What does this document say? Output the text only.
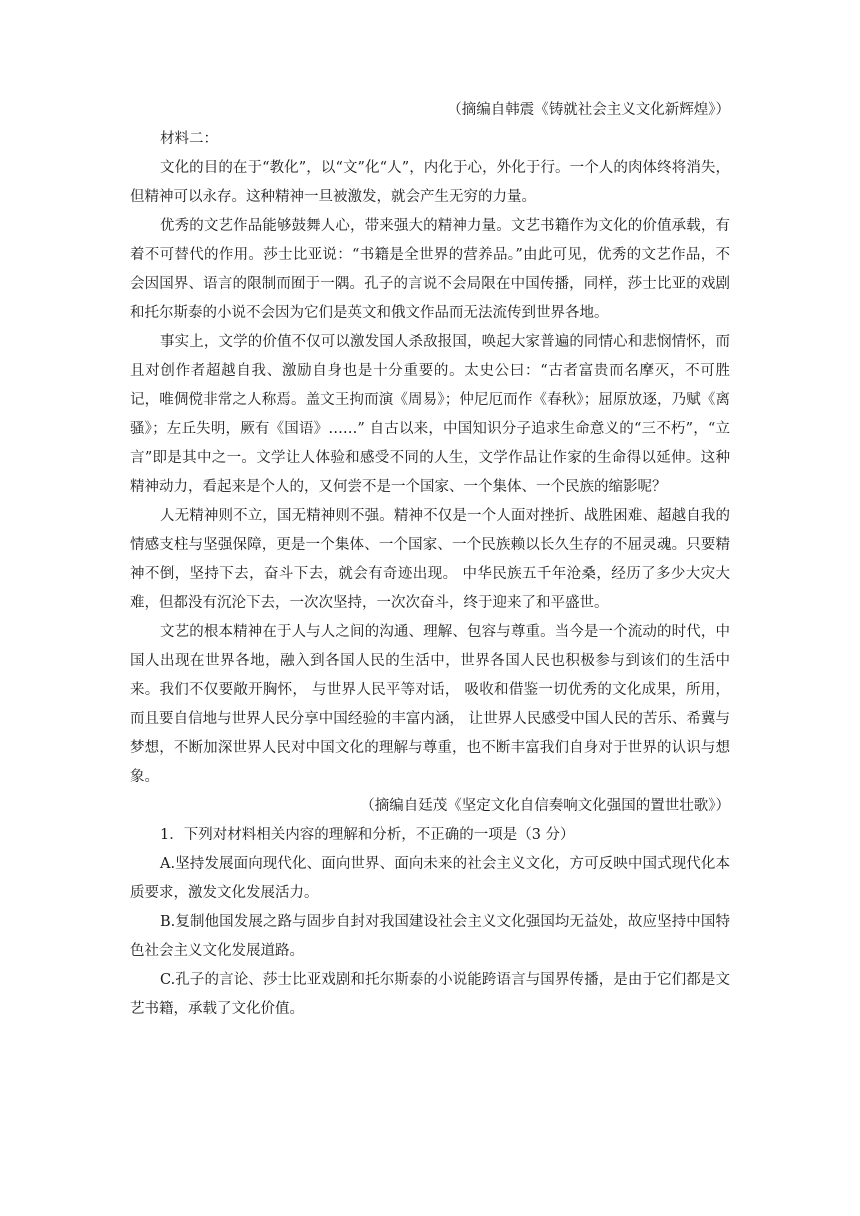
（摘编自韩震《铸就社会主义文化新辉煌》）

材料二：

文化的目的在于“教化”，以“文”化“人”，内化于心，外化于行。一个人的肉体终将消失，但精神可以永存。这种精神一旦被激发，就会产生无穷的力量。

优秀的文艺作品能够鼓舞人心，带来强大的精神力量。文艺书籍作为文化的价值承载，有着不可替代的作用。莎士比亚说：“书籍是全世界的营养品。”由此可见，优秀的文艺作品，不会因国界、语言的限制而囿于一隅。孔子的言说不会局限在中国传播，同样，莎士比亚的戏剧和托尔斯泰的小说不会因为它们是英文和俄文作品而无法流传到世界各地。

事实上，文学的价值不仅可以激发国人杀敌报国，唤起大家普遍的同情心和悲悯情怀，而且对创作者超越自我、激励自身也是十分重要的。太史公曰：“古者富贵而名摩灭，不可胜记，唯倜傥非常之人称焉。盖文王拘而演《周易》；仲尼厄而作《春秋》；屈原放逐，乃赋《离骚》；左丘失明，厥有《国语》……” 自古以来，中国知识分子追求生命意义的“三不朽”，“立言”即是其中之一。文学让人体验和感受不同的人生，文学作品让作家的生命得以延伸。这种精神动力，看起来是个人的，又何尝不是一个国家、一个集体、一个民族的缩影呢？

人无精神则不立，国无精神则不强。精神不仅是一个人面对挫折、战胜困难、超越自我的情感支柱与坚强保障，更是一个集体、一个国家、一个民族赖以长久生存的不屈灵魂。只要精神不倒，坚持下去，奋斗下去，就会有奇迹出现。 中华民族五千年沧桑，经历了多少大灾大难，但都没有沉沦下去，一次次坚持，一次次奋斗，终于迎来了和平盛世。

文艺的根本精神在于人与人之间的沟通、理解、包容与尊重。当今是一个流动的时代，中国人出现在世界各地，融入到各国人民的生活中，世界各国人民也积极参与到该们的生活中来。我们不仅要敞开胸怀， 与世界人民平等对话， 吸收和借鉴一切优秀的文化成果，所用，而且要自信地与世界人民分享中国经验的丰富内涵， 让世界人民感受中国人民的苦乐、希冀与梦想，不断加深世界人民对中国文化的理解与尊重，也不断丰富我们自身对于世界的认识与想象。

（摘编自廷茂《坚定文化自信奏响文化强国的置世壮歌》）

1．下列对材料相关内容的理解和分析，不正确的一项是（3 分）

A.坚持发展面向现代化、面向世界、面向未来的社会主义文化，方可反映中国式现代化本质要求，激发文化发展活力。

B.复制他国发展之路与固步自封对我国建设社会主义文化强国均无益处，故应坚持中国特色社会主义文化发展道路。

C.孔子的言论、莎士比亚戏剧和托尔斯泰的小说能跨语言与国界传播，是由于它们都是文艺书籍，承载了文化价值。
